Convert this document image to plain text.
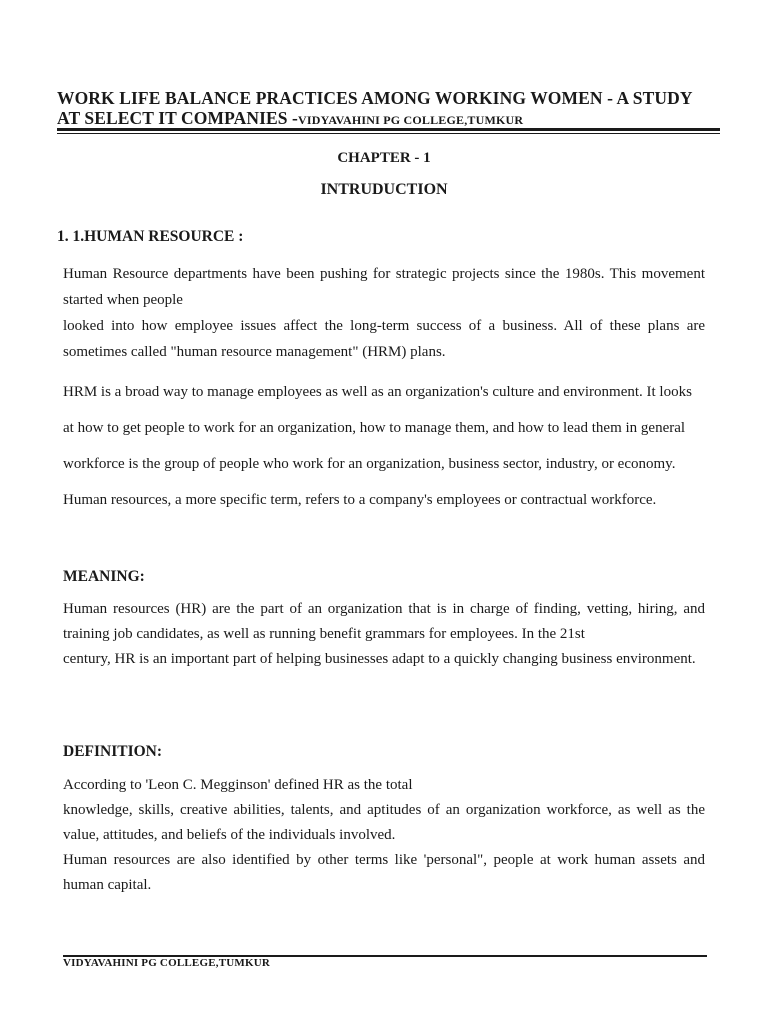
WORK LIFE BALANCE PRACTICES AMONG WORKING WOMEN - A STUDY AT SELECT IT COMPANIES -VIDYAVAHINI PG COLLEGE,TUMKUR
CHAPTER - 1
INTRUDUCTION
1. 1.HUMAN RESOURCE :

Human Resource departments have been pushing for strategic projects since the 1980s. This movement started when people

looked into how employee issues affect the long-term success of a business. All of these plans are sometimes called "human resource management" (HRM) plans.

HRM is a broad way to manage employees as well as an organization's culture and environment. It looks at how to get people to work for an organization, how to manage them, and how to lead them in general workforce is the group of people who work for an organization, business sector, industry, or economy. Human resources, a more specific term, refers to a company's employees or contractual workforce.

MEANING:

Human resources (HR) are the part of an organization that is in charge of finding, vetting, hiring, and training job candidates, as well as running benefit grammars for employees. In the 21st

century, HR is an important part of helping businesses adapt to a quickly changing business environment.

DEFINITION:

According to 'Leon C. Megginson' defined HR as the total

knowledge, skills, creative abilities, talents, and aptitudes of an organization workforce, as well as the value, attitudes, and beliefs of the individuals involved.

Human resources are also identified by other terms like 'personal", people at work human assets and human capital.

VIDYAVAHINI PG COLLEGE,TUMKUR
